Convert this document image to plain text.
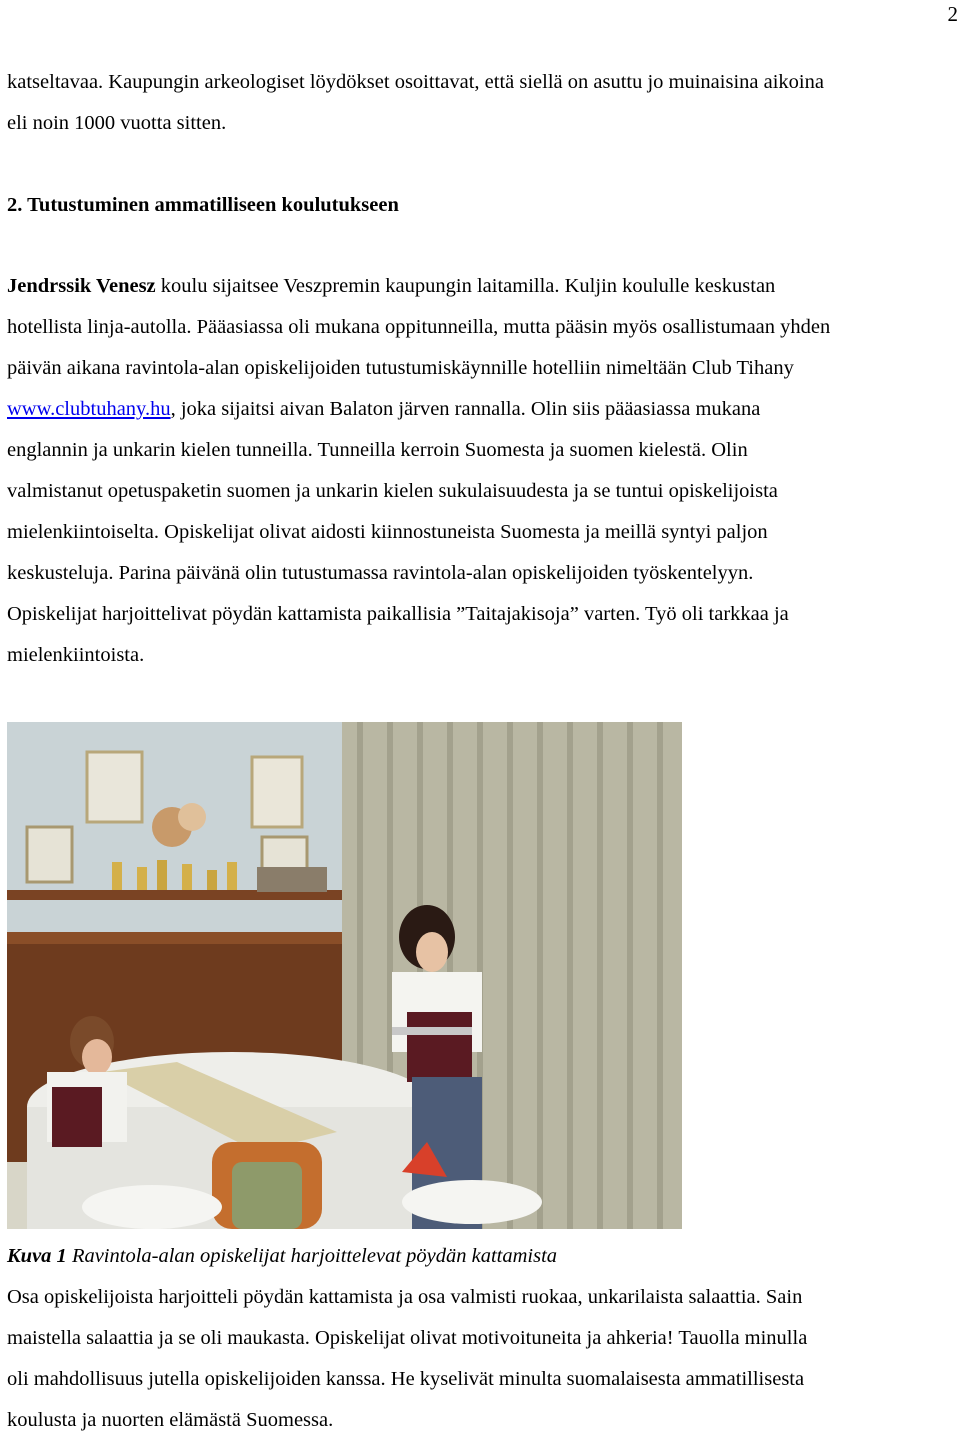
2

katseltavaa. Kaupungin arkeologiset löydökset osoittavat, että siellä on asuttu jo muinaisina aikoina

eli noin 1000 vuotta sitten.

2. Tutustuminen ammatilliseen koulutukseen

Jendrssik Venesz koulu sijaitsee Veszpremin kaupungin laitamilla. Kuljin koululle keskustan

hotellista linja-autolla. Pääasiassa oli mukana oppitunneilla, mutta pääsin myös osallistumaan yhden

päivän aikana ravintola-alan opiskelijoiden tutustumiskäynnille hotelliin nimeltään Club Tihany

www.clubtuhany.hu, joka sijaitsi aivan Balaton järven rannalla. Olin siis pääasiassa mukana

englannin ja unkarin kielen tunneilla. Tunneilla kerroin Suomesta ja suomen kielestä. Olin

valmistanut opetuspaketin suomen ja unkarin kielen sukulaisuudesta ja se tuntui opiskelijoista

mielenkiintoiselta. Opiskelijat olivat aidosti kiinnostuneista Suomesta ja meillä syntyi paljon

keskusteluja. Parina päivänä olin tutustumassa ravintola-alan opiskelijoiden työskentelyyn.

Opiskelijat harjoittelivat pöydän kattamista paikallisia ”Taitajakisoja” varten. Työ oli tarkkaa ja

mielenkiintoista.

Kuva 1 Ravintola-alan opiskelijat harjoittelevat pöydän kattamista

Osa opiskelijoista harjoitteli pöydän kattamista ja osa valmisti ruokaa, unkarilaista salaattia. Sain

maistella salaattia ja se oli maukasta. Opiskelijat olivat motivoituneita ja ahkeria! Tauolla minulla

oli mahdollisuus jutella opiskelijoiden kanssa. He kyselivät minulta suomalaisesta ammatillisesta

koulusta ja nuorten elämästä Suomessa.
